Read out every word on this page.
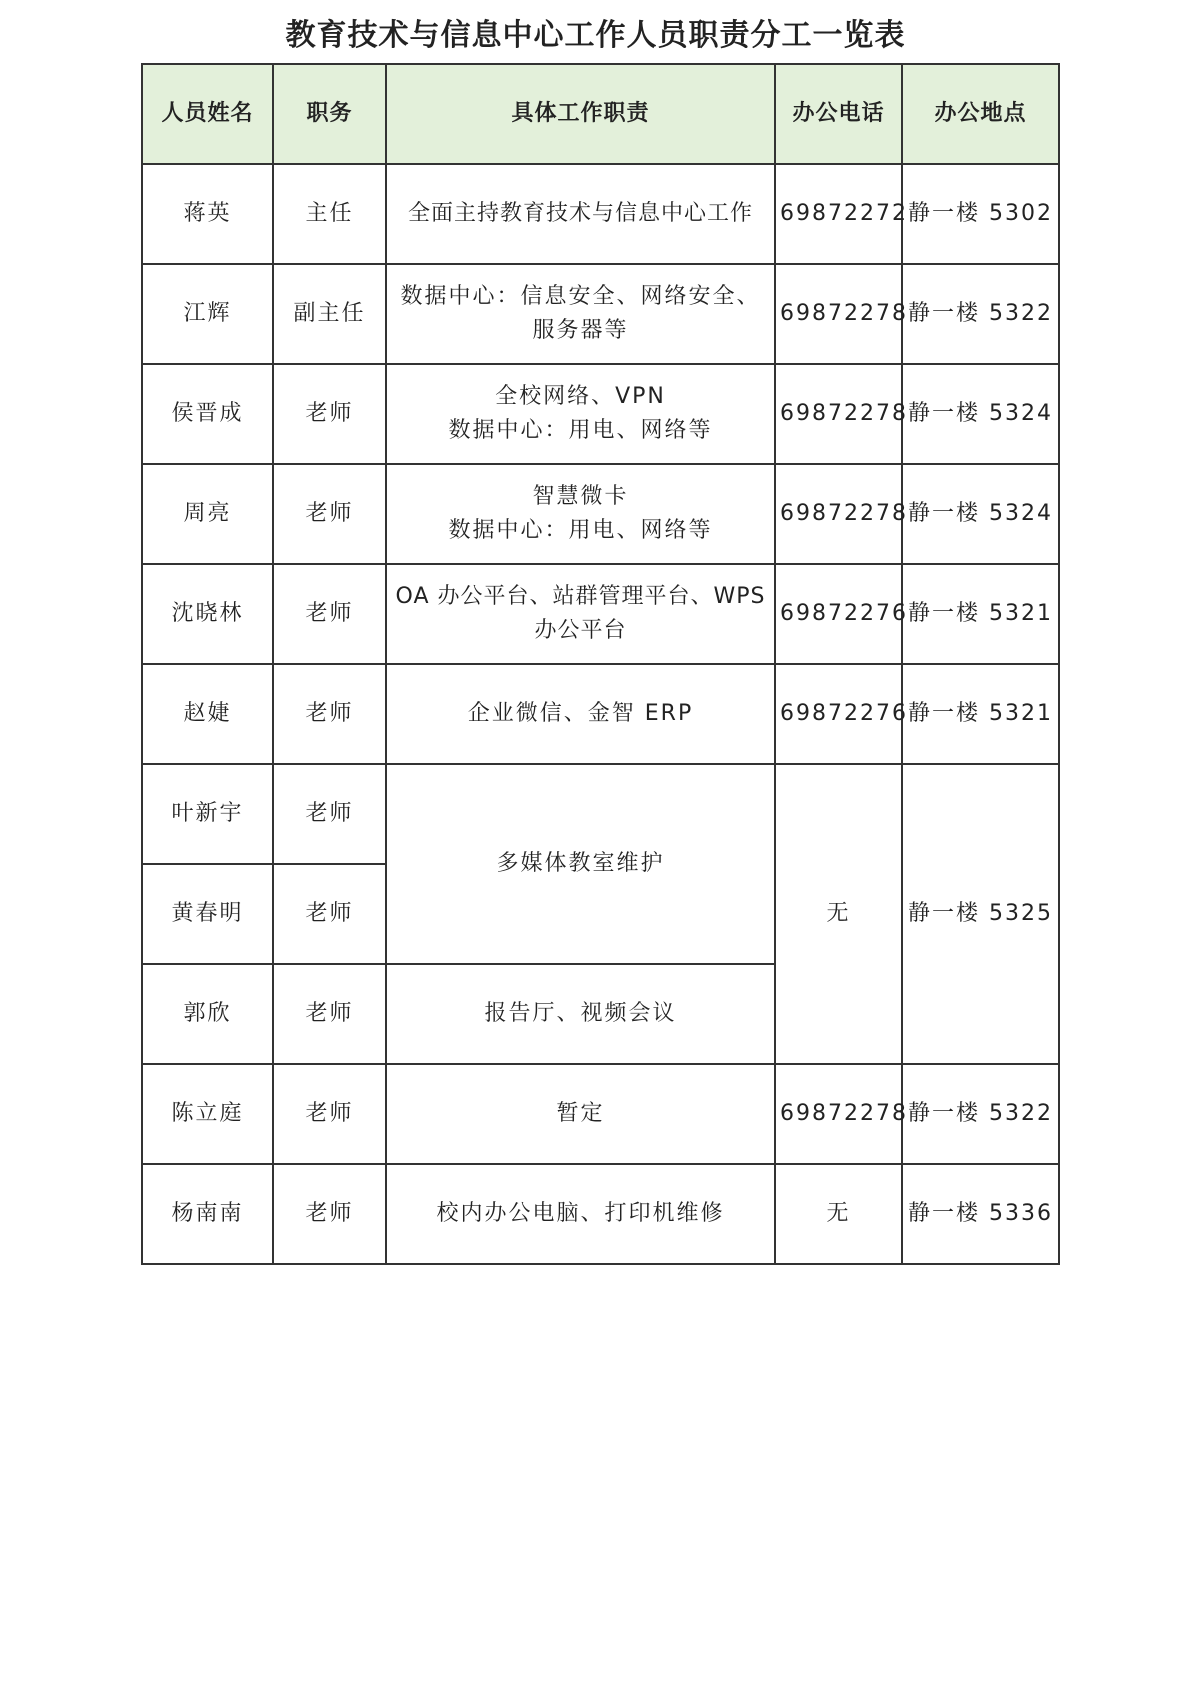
教育技术与信息中心工作人员职责分工一览表
人员姓名	职务	具体工作职责	办公电话	办公地点
蒋英	主任	全面主持教育技术与信息中心工作	69872272	静一楼 5302
江辉	副主任	数据中心：信息安全、网络安全、
服务器等	69872278	静一楼 5322
侯晋成	老师	全校网络、VPN
数据中心：用电、网络等	69872278	静一楼 5324
周亮	老师	智慧微卡
数据中心：用电、网络等	69872278	静一楼 5324
沈晓林	老师	OA 办公平台、站群管理平台、WPS
办公平台	69872276	静一楼 5321
赵婕	老师	企业微信、金智 ERP	69872276	静一楼 5321
叶新宇	老师	多媒体教室维护	无	静一楼 5325
黄春明	老师			
郭欣	老师	报告厅、视频会议		
陈立庭	老师	暂定	69872278	静一楼 5322
杨南南	老师	校内办公电脑、打印机维修	无	静一楼 5336
